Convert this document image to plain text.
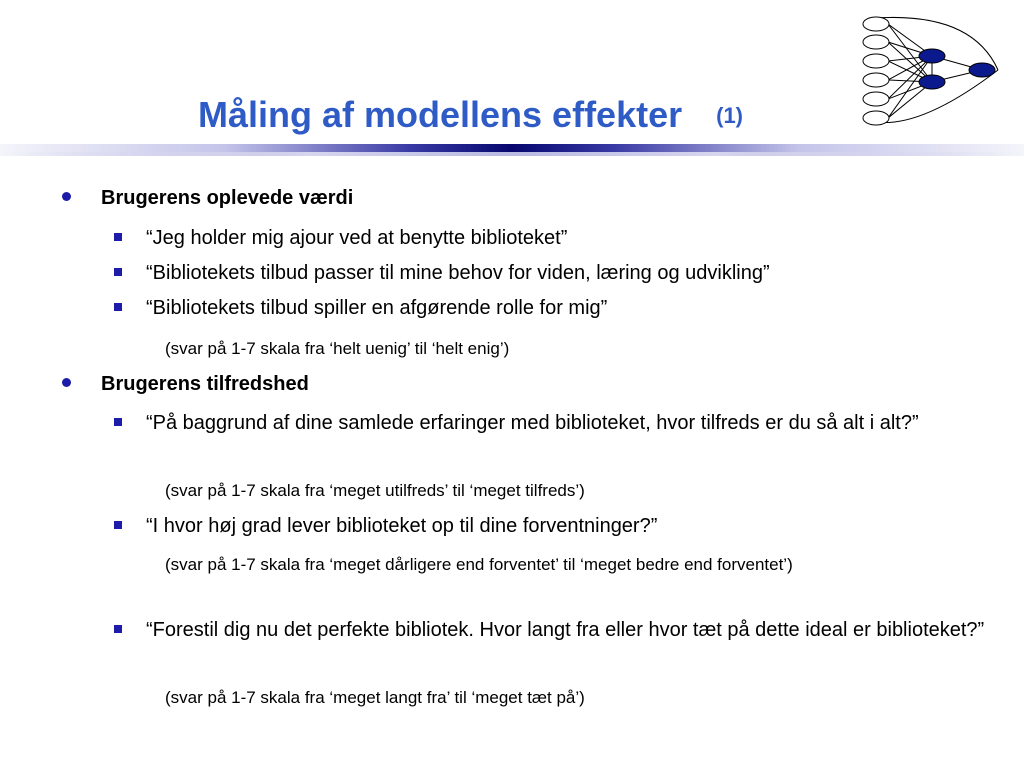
Måling af modellens effekter (1)
Brugerens oplevede værdi
“Jeg holder mig ajour ved at benytte biblioteket”
“Bibliotekets tilbud passer til mine behov for viden, læring og udvikling”
“Bibliotekets tilbud spiller en afgørende rolle for mig”
(svar på 1-7 skala fra ‘helt uenig’ til ‘helt enig’)
Brugerens tilfredshed
“På baggrund af dine samlede erfaringer med biblioteket, hvor tilfreds er du så alt i alt?”
(svar på 1-7 skala fra ‘meget utilfreds’ til ‘meget tilfreds’)
“I hvor høj grad lever biblioteket op til dine forventninger?”
(svar på 1-7 skala fra ‘meget dårligere end forventet’ til ‘meget bedre end forventet’)
“Forestil dig nu det perfekte bibliotek. Hvor langt fra eller hvor tæt på dette ideal er biblioteket?”
(svar på 1-7 skala fra ‘meget langt fra’ til ‘meget tæt på’)
